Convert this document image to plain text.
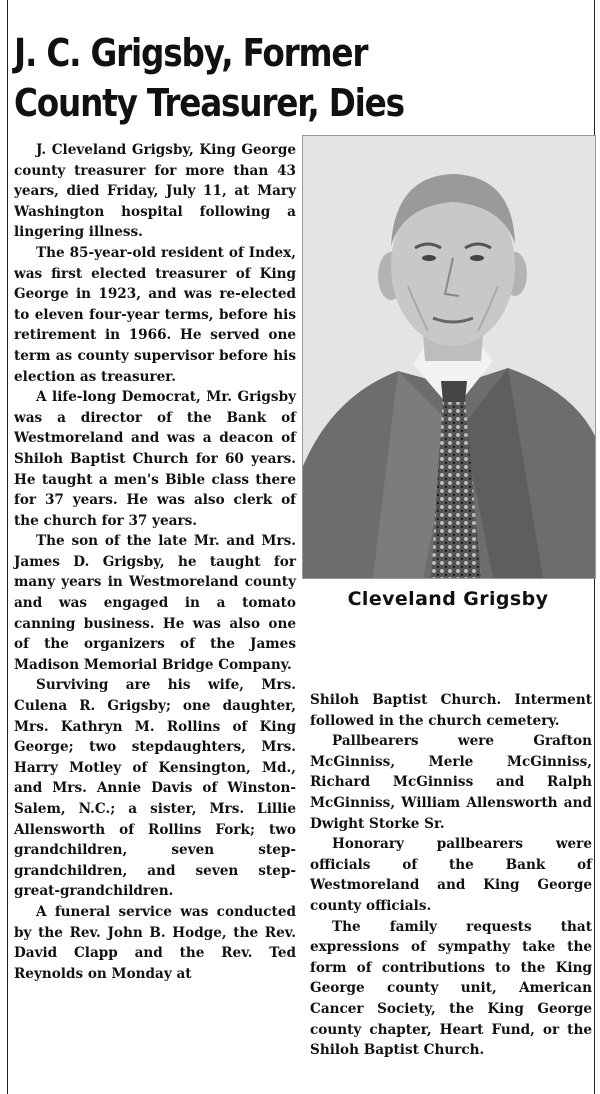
J. C. Grigsby, Former
County Treasurer, Dies

J. Cleveland Grigsby, King George county treasurer for more than 43 years, died Friday, July 11, at Mary Washington hospital following a lingering illness.

The 85-year-old resident of Index, was first elected treasurer of King George in 1923, and was re-elected to eleven four-year terms, before his retirement in 1966. He served one term as county supervisor before his election as treasurer.

A life-long Democrat, Mr. Grigsby was a director of the Bank of Westmoreland and was a deacon of Shiloh Baptist Church for 60 years. He taught a men's Bible class there for 37 years. He was also clerk of the church for 37 years.

The son of the late Mr. and Mrs. James D. Grigsby, he taught for many years in Westmoreland county and was engaged in a tomato canning business. He was also one of the organizers of the James Madison Memorial Bridge Company.

Surviving are his wife, Mrs. Culena R. Grigsby; one daughter, Mrs. Kathryn M. Rollins of King George; two stepdaughters, Mrs. Harry Motley of Kensington, Md., and Mrs. Annie Davis of Winston-Salem, N.C.; a sister, Mrs. Lillie Allensworth of Rollins Fork; two grandchildren, seven step-grandchildren, and seven step-great-grandchildren.

A funeral service was conducted by the Rev. John B. Hodge, the Rev. David Clapp and the Rev. Ted Reynolds on Monday at

Cleveland Grigsby

Shiloh Baptist Church. Interment followed in the church cemetery.

Pallbearers were Grafton McGinniss, Merle McGinniss, Richard McGinniss and Ralph McGinniss, William Allensworth and Dwight Storke Sr.

Honorary pallbearers were officials of the Bank of Westmoreland and King George county officials.

The family requests that expressions of sympathy take the form of contributions to the King George county unit, American Cancer Society, the King George county chapter, Heart Fund, or the Shiloh Baptist Church.
